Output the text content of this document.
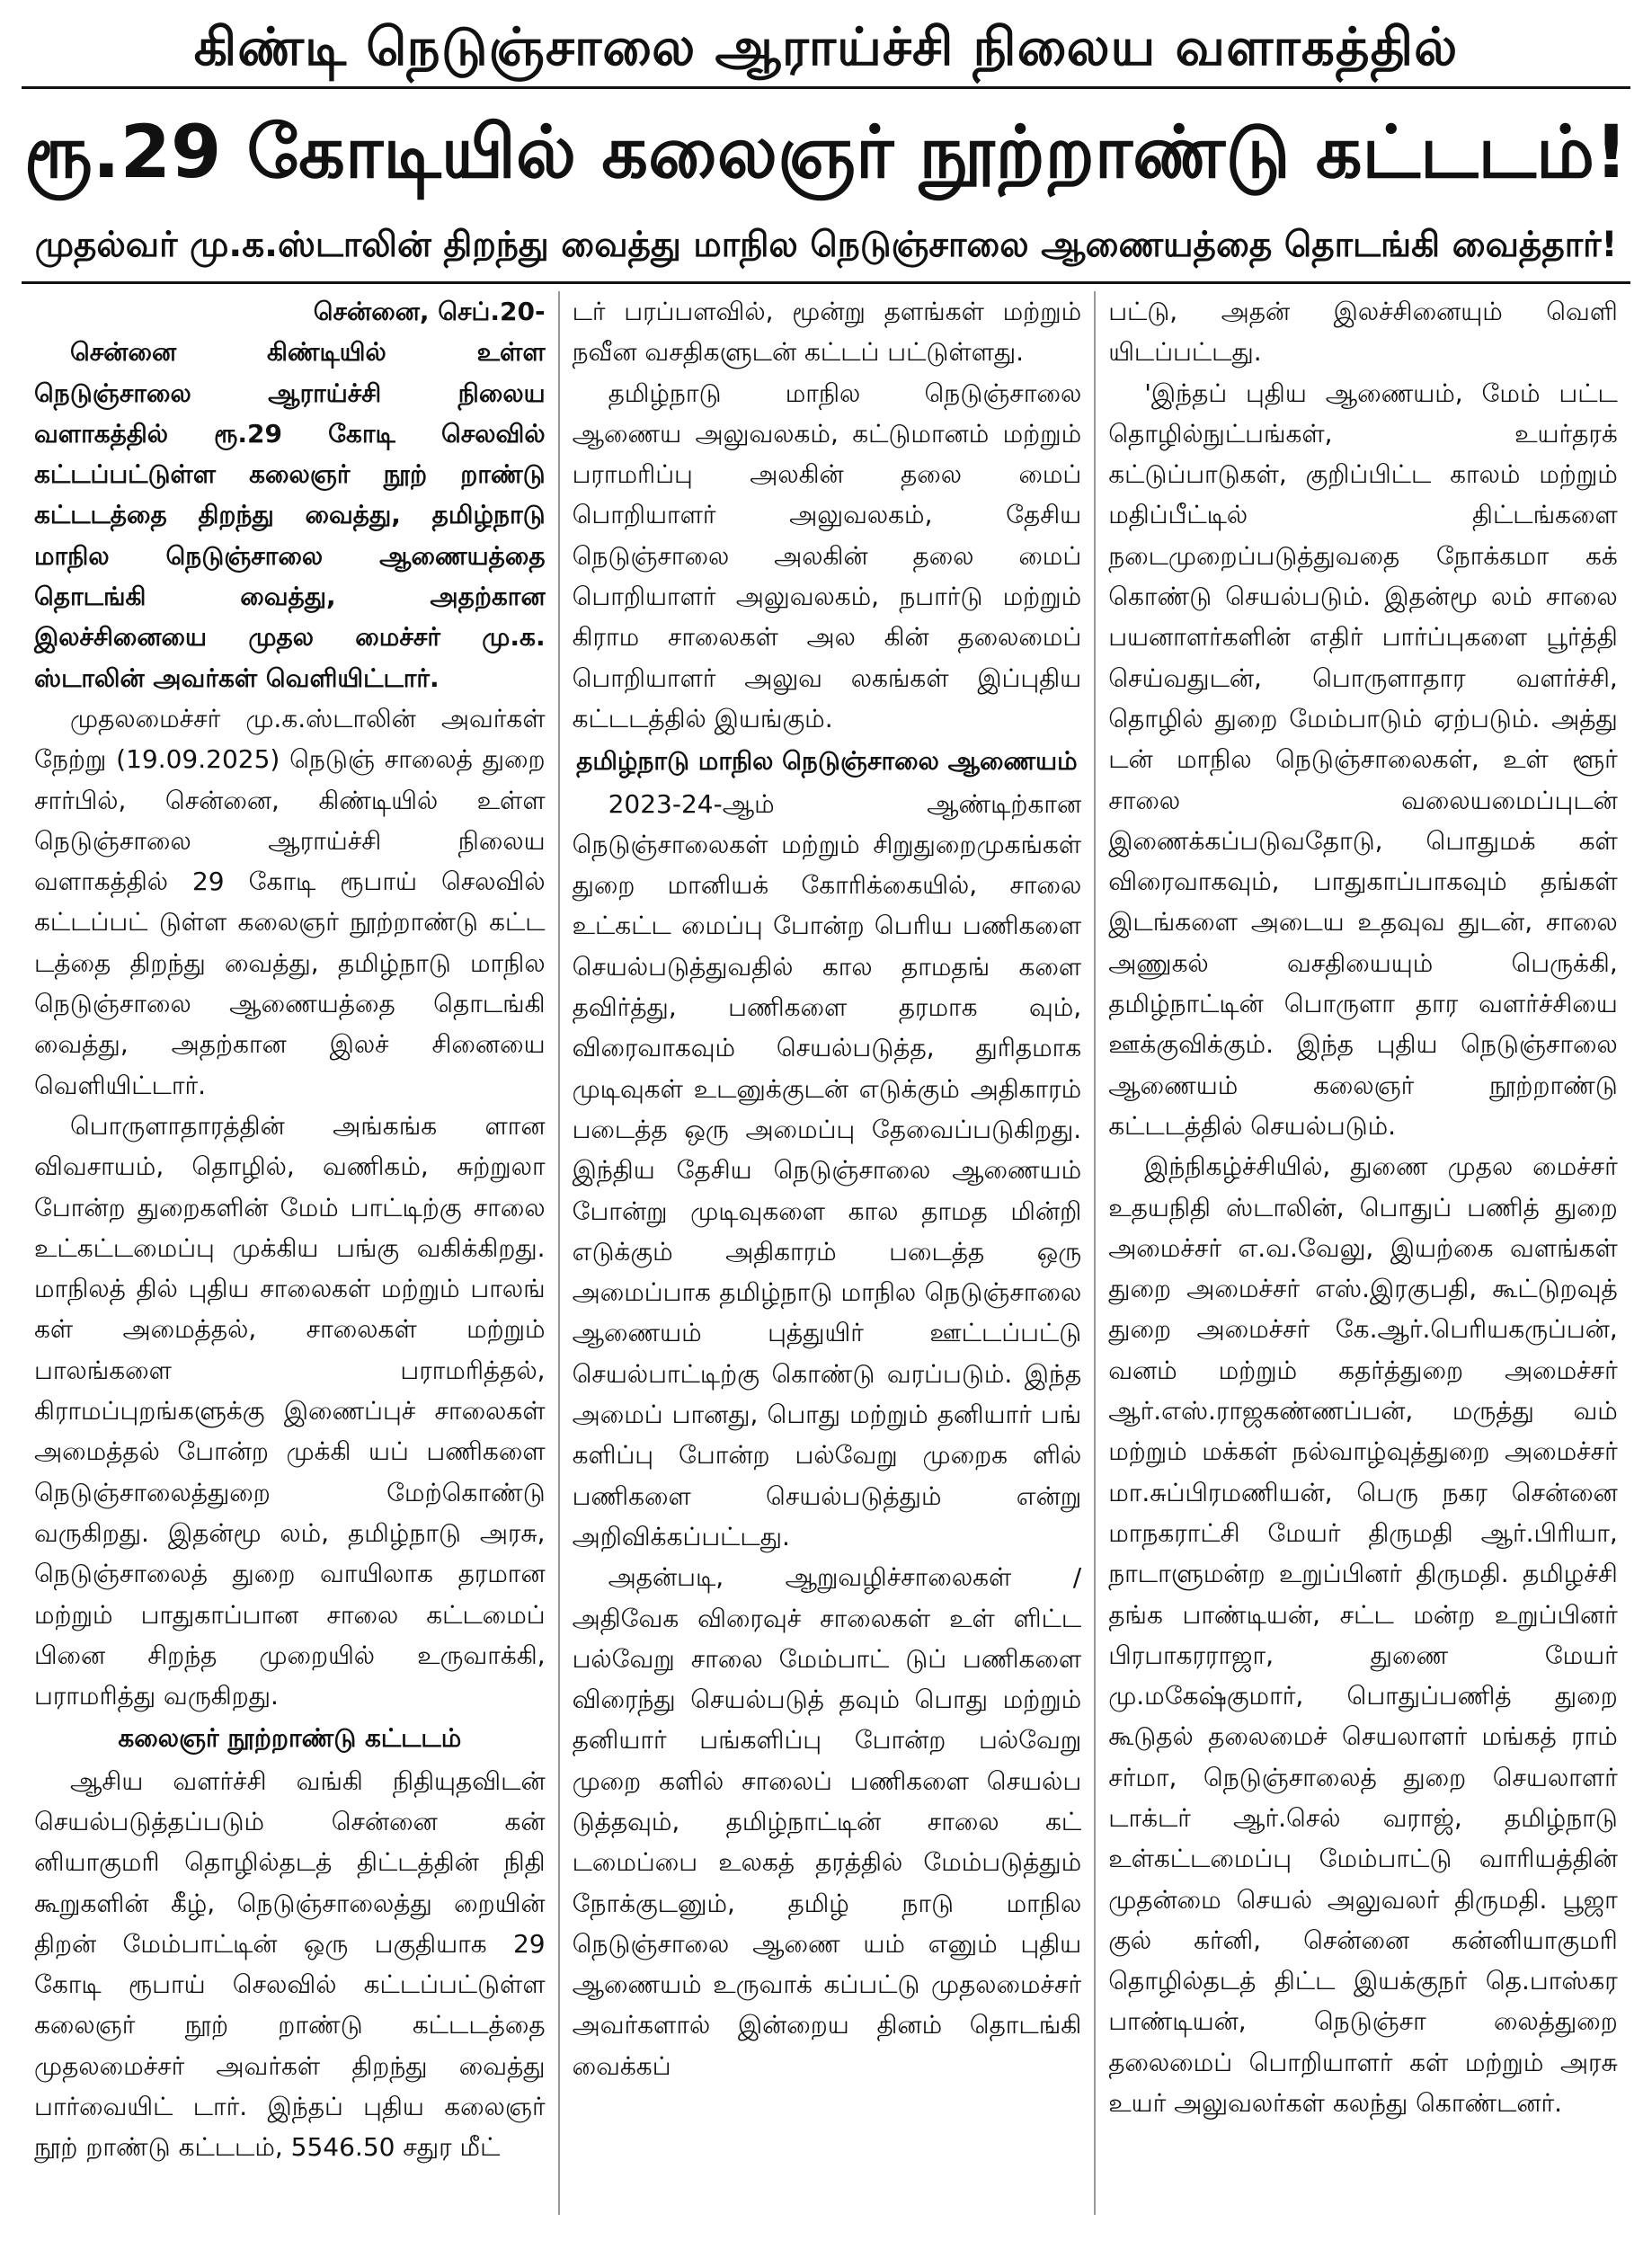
கிண்டி நெடுஞ்சாலை ஆராய்ச்சி நிலைய வளாகத்தில்
ரூ.29 கோடியில் கலைஞர் நூற்றாண்டு கட்டடம்!
முதல்வர் மு.க.ஸ்டாலின் திறந்து வைத்து மாநில நெடுஞ்சாலை ஆணையத்தை தொடங்கி வைத்தார்!

சென்னை, செப்.20-

சென்னை கிண்டியில் உள்ள நெடுஞ்சாலை ஆராய்ச்சி நிலைய வளாகத்தில் ரூ.29 கோடி செலவில் கட்டப்பட்டுள்ள கலைஞர் நூற் றாண்டு கட்டடத்தை திறந்து வைத்து, தமிழ்நாடு மாநில நெடுஞ்சாலை ஆணையத்தை தொடங்கி வைத்து, அதற்கான இலச்சினையை முதல மைச்சர் மு.க. ஸ்டாலின் அவர்கள் வெளியிட்டார்.

முதலமைச்சர் மு.க.ஸ்டாலின் அவர்கள் நேற்று (19.09.2025) நெடுஞ் சாலைத் துறை சார்பில், சென்னை, கிண்டியில் உள்ள நெடுஞ்சாலை ஆராய்ச்சி நிலைய வளாகத்தில் 29 கோடி ரூபாய் செலவில் கட்டப்பட் டுள்ள கலைஞர் நூற்றாண்டு கட்ட டத்தை திறந்து வைத்து, தமிழ்நாடு மாநில நெடுஞ்சாலை ஆணையத்தை தொடங்கி வைத்து, அதற்கான இலச் சினையை வெளியிட்டார்.

பொருளாதாரத்தின் அங்கங்க ளான விவசாயம், தொழில், வணிகம், சுற்றுலா போன்ற துறைகளின் மேம் பாட்டிற்கு சாலை உட்கட்டமைப்பு முக்கிய பங்கு வகிக்கிறது. மாநிலத் தில் புதிய சாலைகள் மற்றும் பாலங் கள் அமைத்தல், சாலைகள் மற்றும் பாலங்களை பராமரித்தல், கிராமப்புறங்களுக்கு இணைப்புச் சாலைகள் அமைத்தல் போன்ற முக்கி யப் பணிகளை நெடுஞ்சாலைத்துறை மேற்கொண்டு வருகிறது. இதன்மூ லம், தமிழ்நாடு அரசு, நெடுஞ்சாலைத் துறை வாயிலாக தரமான மற்றும் பாதுகாப்பான சாலை கட்டமைப் பினை சிறந்த முறையில் உருவாக்கி, பராமரித்து வருகிறது.

கலைஞர் நூற்றாண்டு கட்டடம்

ஆசிய வளர்ச்சி வங்கி நிதியுதவிடன் செயல்படுத்தப்படும் சென்னை கன் னியாகுமரி தொழில்தடத் திட்டத்தின் நிதி கூறுகளின் கீழ், நெடுஞ்சாலைத்து றையின் திறன் மேம்பாட்டின் ஒரு பகுதியாக 29 கோடி ரூபாய் செலவில் கட்டப்பட்டுள்ள கலைஞர் நூற் றாண்டு கட்டடத்தை முதலமைச்சர் அவர்கள் திறந்து வைத்து பார்வையிட் டார். இந்தப் புதிய கலைஞர் நூற் றாண்டு கட்டடம், 5546.50 சதுர மீட்

டர் பரப்பளவில், மூன்று தளங்கள் மற்றும் நவீன வசதிகளுடன் கட்டப் பட்டுள்ளது.

தமிழ்நாடு மாநில நெடுஞ்சாலை ஆணைய அலுவலகம், கட்டுமானம் மற்றும் பராமரிப்பு அலகின் தலை மைப் பொறியாளர் அலுவலகம், தேசிய நெடுஞ்சாலை அலகின் தலை மைப் பொறியாளர் அலுவலகம், நபார்டு மற்றும் கிராம சாலைகள் அல கின் தலைமைப் பொறியாளர் அலுவ லகங்கள் இப்புதிய கட்டடத்தில் இயங்கும்.

தமிழ்நாடு மாநில நெடுஞ்சாலை ஆணையம்

2023-24-ஆம் ஆண்டிற்கான நெடுஞ்சாலைகள் மற்றும் சிறுதுறைமுகங்கள் துறை மானியக் கோரிக்கையில், சாலை உட்கட்ட மைப்பு போன்ற பெரிய பணிகளை செயல்படுத்துவதில் கால தாமதங் களை தவிர்த்து, பணிகளை தரமாக வும், விரைவாகவும் செயல்படுத்த, துரிதமாக முடிவுகள் உடனுக்குடன் எடுக்கும் அதிகாரம் படைத்த ஒரு அமைப்பு தேவைப்படுகிறது. இந்திய தேசிய நெடுஞ்சாலை ஆணையம் போன்று முடிவுகளை கால தாமத மின்றி எடுக்கும் அதிகாரம் படைத்த ஒரு அமைப்பாக தமிழ்நாடு மாநில நெடுஞ்சாலை ஆணையம் புத்துயிர் ஊட்டப்பட்டு செயல்பாட்டிற்கு கொண்டு வரப்படும். இந்த அமைப் பானது, பொது மற்றும் தனியார் பங் களிப்பு போன்ற பல்வேறு முறைக ளில் பணிகளை செயல்படுத்தும் என்று அறிவிக்கப்பட்டது.

அதன்படி, ஆறுவழிச்சாலைகள் / அதிவேக விரைவுச் சாலைகள் உள் ளிட்ட பல்வேறு சாலை மேம்பாட் டுப் பணிகளை விரைந்து செயல்படுத் தவும் பொது மற்றும் தனியார் பங்களிப்பு போன்ற பல்வேறு முறை களில் சாலைப் பணிகளை செயல்ப டுத்தவும், தமிழ்நாட்டின் சாலை கட் டமைப்பை உலகத் தரத்தில் மேம்படுத்தும் நோக்குடனும், தமிழ் நாடு மாநில நெடுஞ்சாலை ஆணை யம் எனும் புதிய ஆணையம் உருவாக் கப்பட்டு முதலமைச்சர் அவர்களால் இன்றைய தினம் தொடங்கி வைக்கப்

பட்டு, அதன் இலச்சினையும் வெளி யிடப்பட்டது.

'இந்தப் புதிய ஆணையம், மேம் பட்ட தொழில்நுட்பங்கள், உயர்தரக் கட்டுப்பாடுகள், குறிப்பிட்ட காலம் மற்றும் மதிப்பீட்டில் திட்டங்களை நடைமுறைப்படுத்துவதை நோக்கமா கக் கொண்டு செயல்படும். இதன்மூ லம் சாலை பயனாளர்களின் எதிர் பார்ப்புகளை பூர்த்தி செய்வதுடன், பொருளாதார வளர்ச்சி, தொழில் துறை மேம்பாடும் ஏற்படும். அத்து டன் மாநில நெடுஞ்சாலைகள், உள் ளூர் சாலை வலையமைப்புடன் இணைக்கப்படுவதோடு, பொதுமக் கள் விரைவாகவும், பாதுகாப்பாகவும் தங்கள் இடங்களை அடைய உதவுவ துடன், சாலை அணுகல் வசதியையும் பெருக்கி, தமிழ்நாட்டின் பொருளா தார வளர்ச்சியை ஊக்குவிக்கும். இந்த புதிய நெடுஞ்சாலை ஆணையம் கலைஞர் நூற்றாண்டு கட்டடத்தில் செயல்படும்.

இந்நிகழ்ச்சியில், துணை முதல மைச்சர் உதயநிதி ஸ்டாலின், பொதுப் பணித் துறை அமைச்சர் எ.வ.வேலு, இயற்கை வளங்கள் துறை அமைச்சர் எஸ்.இரகுபதி, கூட்டுறவுத் துறை அமைச்சர் கே.ஆர்.பெரியகருப்பன், வனம் மற்றும் கதர்த்துறை அமைச்சர் ஆர்.எஸ்.ராஜகண்ணப்பன், மருத்து வம் மற்றும் மக்கள் நல்வாழ்வுத்துறை அமைச்சர் மா.சுப்பிரமணியன், பெரு நகர சென்னை மாநகராட்சி மேயர் திருமதி ஆர்.பிரியா, நாடாளுமன்ற உறுப்பினர் திருமதி. தமிழச்சி தங்க பாண்டியன், சட்ட மன்ற உறுப்பினர் பிரபாகரராஜா, துணை மேயர் மு.மகேஷ்குமார், பொதுப்பணித் துறை கூடுதல் தலைமைச் செயலாளர் மங்கத் ராம் சர்மா, நெடுஞ்சாலைத் துறை செயலாளர் டாக்டர் ஆர்.செல் வராஜ், தமிழ்நாடு உள்கட்டமைப்பு மேம்பாட்டு வாரியத்தின் முதன்மை செயல் அலுவலர் திருமதி. பூஜா குல் கர்னி, சென்னை கன்னியாகுமரி தொழில்தடத் திட்ட இயக்குநர் தெ.பாஸ்கர பாண்டியன், நெடுஞ்சா லைத்துறை தலைமைப் பொறியாளர் கள் மற்றும் அரசு உயர் அலுவலர்கள் கலந்து கொண்டனர்.
